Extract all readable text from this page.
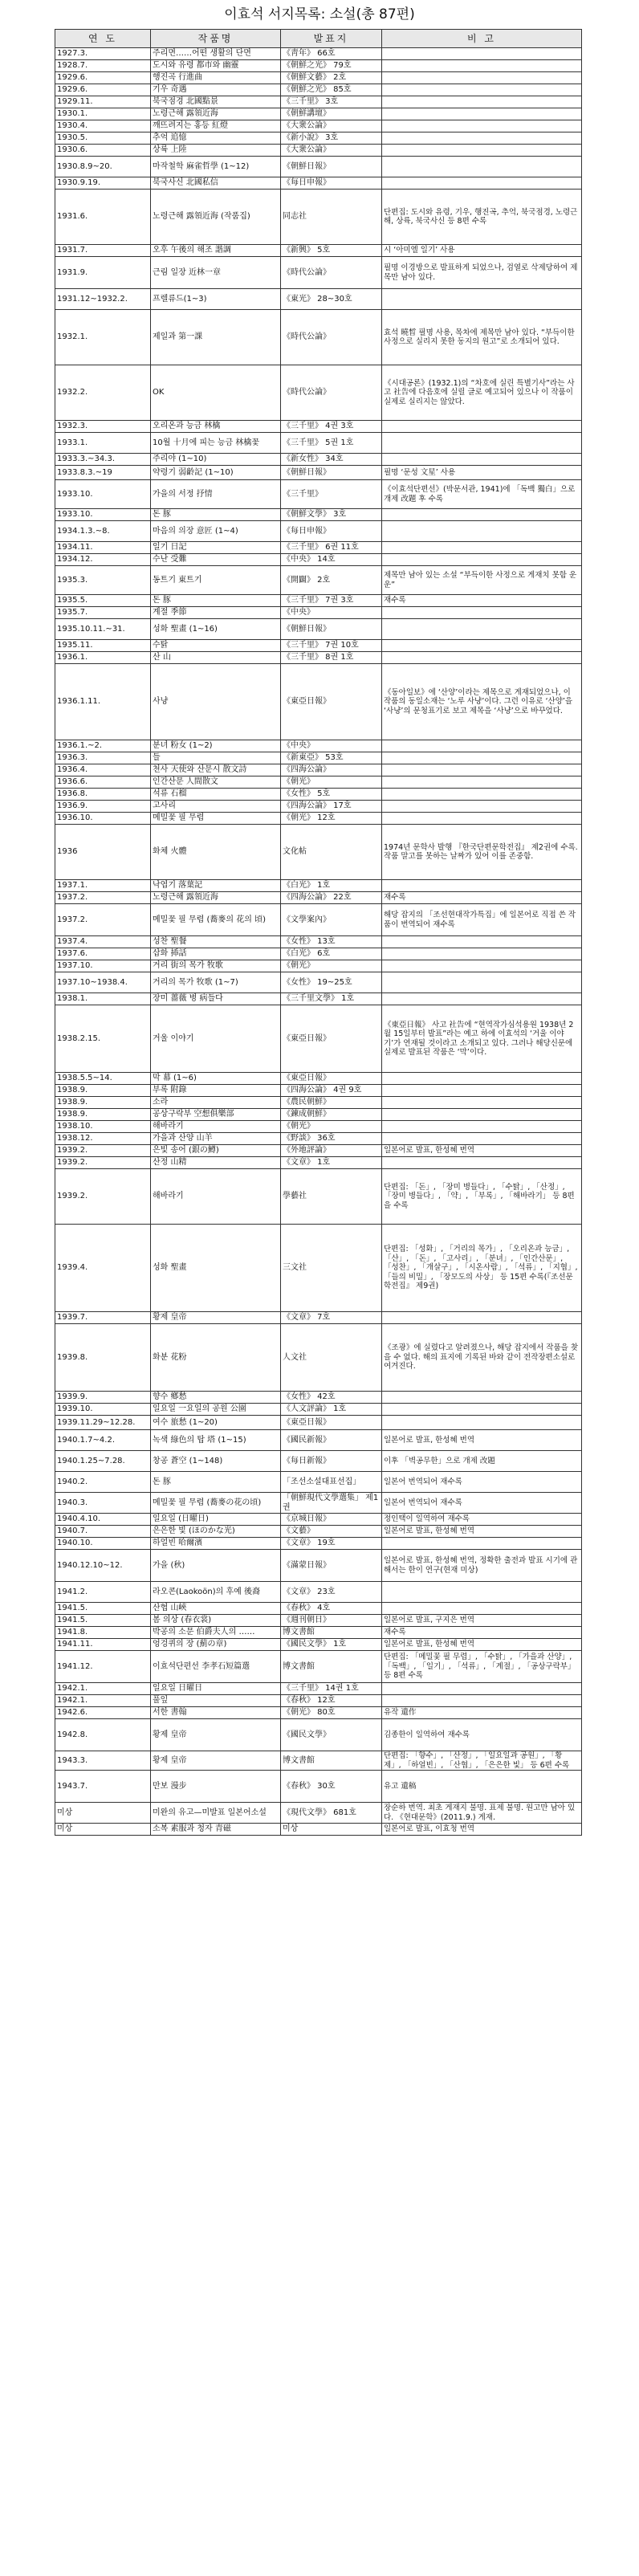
이효석 서지목록: 소설(총 87편)
연 도	작품명	발표지	비 고
1927.3.	주리면……어떤 생활의 단면	《靑年》 66호	
1928.7.	도시와 유령 都市와 幽靈	《朝鮮之光》 79호	
1929.6.	행진곡 行進曲	《朝鮮文藝》 2호	
1929.6.	기우 奇遇	《朝鮮之光》 85호	
1929.11.	북국점경 北國點景	《三千里》 3호	
1930.1.	노령근해 露領近海	《朝鮮講壇》	
1930.4.	깨뜨려지는 홍등 紅燈	《大衆公論》	
1930.5.	추억 追憶	《新小說》 3호	
1930.6.	상륙 上陸	《大衆公論》	
1930.8.9~20.	마작철학 麻雀哲學 (1~12)	《朝鮮日報》	
1930.9.19.	북국사신 北國私信	《每日申報》	
1931.6.	노령근해 露領近海 (작품집)	同志社	단편집: 도시와 유령, 기우, 행진곡, 추억, 북국점경, 노령근해, 상륙, 북국사신 등 8편 수록
1931.7.	오후 午後의 해조 諧調	《新興》 5호	시 ‘아미엘 일기’ 사용
1931.9.	근림 일장 近林一章	《時代公論》	필명 이경방으로 발표하게 되었으나, 검열로 삭제당하여 제목만 남아 있다.
1931.12~1932.2.	프렐류드(1~3)	《東光》 28~30호	
1932.1.	제일과 第一課	《時代公論》	효석 曉晳 필명 사용, 목차에 제목만 남아 있다. “부득이한 사정으로 실리지 못한 동지의 원고”로 소개되어 있다.
1932.2.	OK	《時代公論》	《시대공론》(1932.1)의 “차호에 실린 특별기사”라는 사고 社告에 다음호에 실릴 글로 예고되어 있으나 이 작품이 실제로 실리지는 않았다.
1932.3.	오리온과 능금 林檎	《三千里》 4권 3호	
1933.1.	10월 十月에 피는 능금 林檎꽃	《三千里》 5권 1호	
1933.3.~34.3.	주리야 (1~10)	《新女性》 34호	
1933.8.3.~19	약령기 弱齡記 (1~10)	《朝鮮日報》	필명 ‘문성 文星’ 사용
1933.10.	가을의 서정 抒情	《三千里》	《이효석단편선》(박문서관, 1941)에 「독백 獨白」으로 개제 改題 후 수록
1933.10.	돈 豚	《朝鮮文學》 3호	
1934.1.3.~8.	마음의 의장 意匠 (1~4)	《每日申報》	
1934.11.	일기 日記	《三千里》 6권 11호	
1934.12.	수난 受難	《中央》 14호	
1935.3.	동트기 東트기	《開闢》 2호	제목만 남아 있는 소설 “부득이한 사정으로 게재치 못함 운운”
1935.5.	돈 豚	《三千里》 7권 3호	재수록
1935.7.	계절 季節	《中央》	
1935.10.11.~31.	성화 聖畫 (1~16)	《朝鮮日報》	
1935.11.	수탉	《三千里》 7권 10호	
1936.1.	산 山	《三千里》 8권 1호	
1936.1.11.	사냥	《東亞日報》	《동아일보》에 ‘산양’이라는 제목으로 게재되었으나, 이 작품의 동일소재는 ‘노루 사냥’이다. 그런 이유로 ‘산양’을 ‘사냥’의 문청표기로 보고 제목을 ‘사냥’으로 바꾸었다.
1936.1.~2.	분녀 粉女 (1~2)	《中央》	
1936.3.	들	《新東亞》 53호	
1936.4.	천사 天使와 산문시 散文詩	《四海公論》	
1936.6.	인간산문 人間散文	《朝光》	
1936.8.	석류 石榴	《女性》 5호	
1936.9.	고사리	《四海公論》 17호	
1936.10.	메밀꽃 필 무렵	《朝光》 12호	
1936	화체 火體	文化帖	1974년 문학사 발행 『한국단편문학전집』 제2권에 수록. 작품 말고를 못하는 날짜가 있어 이를 존중함.
1937.1.	낙엽기 落葉記	《白光》 1호	
1937.2.	노령근해 露領近海	《四海公論》 22호	재수록
1937.2.	메밀꽃 필 무렵 (蕎麥의 花의 頃)	《文學案內》	해당 잡지의 「조선현대작가특집」에 일본어로 직접 쓴 작품이 번역되어 재수록
1937.4.	성찬 聖餐	《女性》 13호	
1937.6.	삽화 揷話	《白光》 6호	
1937.10.	거리 街의 목가 牧歌	《朝光》	
1937.10~1938.4.	거리의 목가 牧歌 (1~7)	《女性》 19~25호	
1938.1.	장미 薔薇 병 病들다	《三千里文學》 1호	
1938.2.15.	거울 이야기	《東亞日報》	《東亞日報》 사고 社告에 “현역작가심석용원 1938년 2월 15일부터 발표”라는 예고 하에 이효석의 ‘거울 이야기’가 연재될 것이라고 소개되고 있다. 그러나 해당신문에 실제로 발표된 작품은 ‘막’이다.
1938.5.5~14.	막 幕 (1~6)	《東亞日報》	
1938.9.	부록 附錄	《四海公論》 4권 9호	
1938.9.	소라	《農民朝鮮》	
1938.9.	공상구락부 空想俱樂部	《鍊成朝鮮》	
1938.10.	해바라기	《朝光》	
1938.12.	가을과 산양 山羊	《野談》 36호	
1939.2.	은빛 송어 (銀の鱒)	《外地評論》	일본어로 발표, 한성혜 번역
1939.2.	산정 山精	《文章》 1호	
1939.2.	해바라기	學藝社	단편집: 「돈」, 「장미 병들다」, 「수탉」, 「산정」, 「장미 병들다」, 「약」, 「부록」, 「해바라기」 등 8편을 수록
1939.4.	성화 聖畫	三文社	단편집: 「성화」, 「거리의 목가」, 「오리온과 능금」, 「산」, 「돈」, 「고사리」, 「분녀」, 「인간산문」, 「성찬」, 「개살구」, 「시온사람」, 「석류」, 「지협」, 「들의 비밀」, 「장모도의 사상」 등 15편 수록(『조선문학전집』 제9권)
1939.7.	황제 皇帝	《文章》 7호	
1939.8.	화분 花粉	人文社	《조광》에 실렸다고 알려졌으나, 해당 잡지에서 작품을 찾을 수 없다. 해의 표지에 기록된 바와 같이 전작장편소설로 여겨진다.
1939.9.	향수 鄕愁	《女性》 42호	
1939.10.	일요일 一요일의 공원 公園	《人文評論》 1호	
1939.11.29~12.28.	여수 旅愁 (1~20)	《東亞日報》	
1940.1.7~4.2.	녹색 綠色의 탑 塔 (1~15)	《國民新報》	일본어로 발표, 한성혜 번역
1940.1.25~7.28.	창공 蒼空 (1~148)	《每日新報》	이후 「벽공무한」으로 개제 改題
1940.2.	돈 豚	「조선소설대표선집」	일본어 번역되어 재수록
1940.3.	메밀꽃 필 무렵 (蕎麥の花の頃)	「朝鮮現代文學選集」 제1권	일본어 번역되어 재수록
1940.4.10.	일요일 (日曜日)	《京城日報》	정인택이 일역하여 재수록
1940.7.	은은한 빛 (ほのかな光)	《文藝》	일본어로 발표, 한성혜 번역
1940.10.	하얼빈 哈爾濱	《文章》 19호	
1940.12.10~12.	가을 (秋)	《滿蒙日報》	일본어로 발표, 한성혜 번역, 정확한 출전과 발표 시기에 관해서는 한이 연구(현재 미상)
1941.2.	라오콘(Laokoön)의 후예 後裔	《文章》 23호	
1941.5.	산협 山峽	《春秋》 4호	
1941.5.	봄 의상 (春衣裳)	《週刊朝日》	일본어로 발표, 구지은 번역
1941.8.	박공의 소문 伯爵夫人의 ……	博文書館	재수록
1941.11.	엉겅퀴의 장 (薊の章)	《國民文學》 1호	일본어로 발표, 한성혜 번역
1941.12.	이효석단편선 李孝石短篇選	博文書館	단편집: 「메밀꽃 필 무렵」, 「수탉」, 「가을과 산양」, 「독백」, 「일기」, 「석류」, 「계절」, 「공상구락부」 등 8편 수록
1942.1.	일요일 日曜日	《三千里》 14권 1호	
1942.1.	풀잎	《春秋》 12호	
1942.6.	서한 書翰	《朝光》 80호	유작 遺作
1942.8.	황제 皇帝	《國民文學》	김종한이 일역하여 재수록
1943.3.	황제 皇帝	博文書館	단편집: 「향수」, 「산정」, 「일요일과 공원」, 「황제」, 「하얼빈」, 「산협」, 「은은한 빛」 등 6편 수록
1943.7.	만보 漫步	《春秋》 30호	유고 遺稿
미상	미완의 유고—미발표 일본어소설	《現代文學》 681호	장순하 번역. 최초 게재지 불명. 표제 불명. 원고만 남아 있다. 《현대문학》(2011.9.) 게재.
미상	소복 素服과 청자 青磁	미상	일본어로 발표, 이효청 번역
